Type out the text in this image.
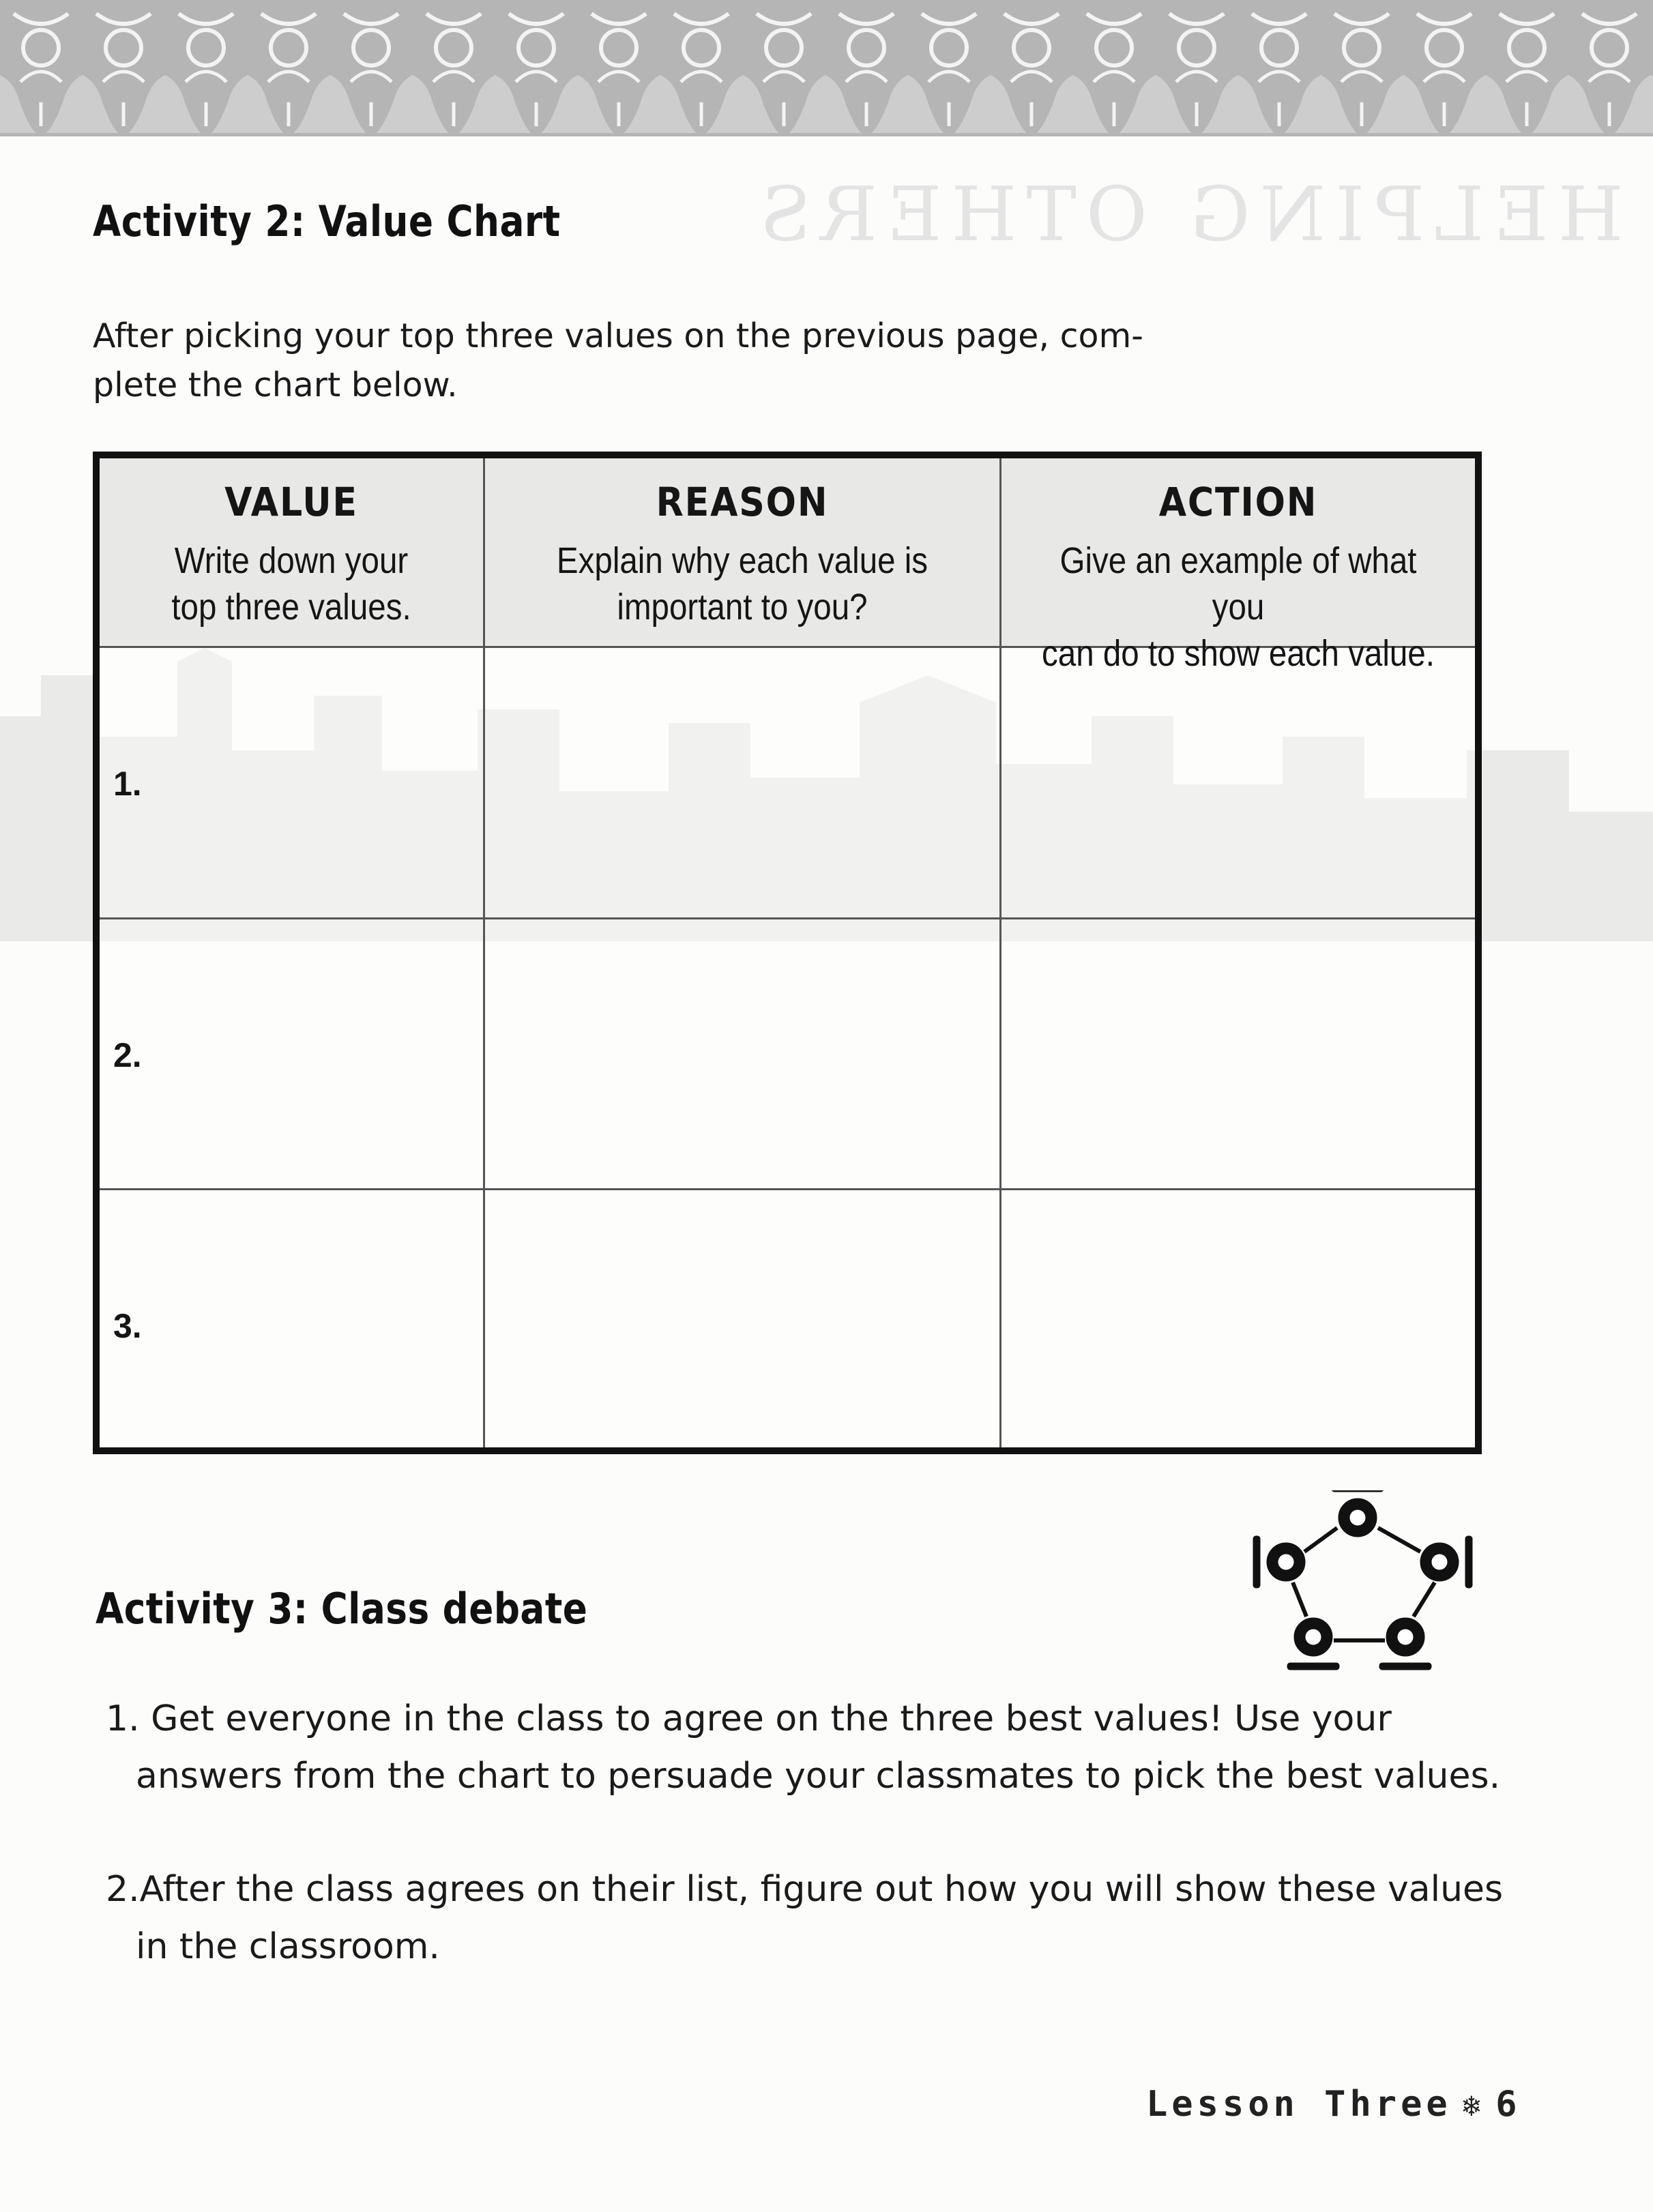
HELPING OTHERS
Activity 2: Value Chart
After picking your top three values on the previous page, com-
plete the chart below.
VALUE
Write down your
top three values.
REASON
Explain why each value is
important to you?
ACTION
Give an example of what you
can do to show each value.
1.
2.
3.
Activity 3: Class debate
1. Get everyone in the class to agree on the three best values! Use your
answers from the chart to persuade your classmates to pick the best values.
2.After the class agrees on their list, figure out how you will show these values
in the classroom.
Lesson Three ❄ 6
